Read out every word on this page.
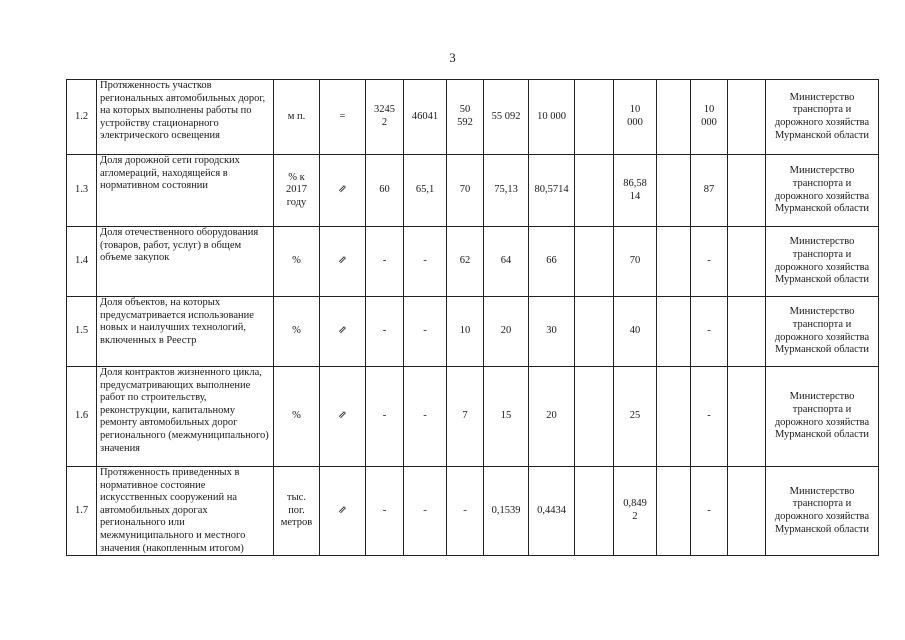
3
1.2	Протяженность участков региональных автомобильных дорог, на которых выполнены работы по устройству стационарного электрического освещения	м п.	=	3245
2	46041	50
592	55 092	10 000		10
000		10
000		Министерство транспорта и дорожного хозяйства Мурманской области
1.3	Доля дорожной сети городских агломераций, находящейся в нормативном состоянии	% к
2017
году	⇗	60	65,1	70	75,13	80,5714		86,58
14		87		Министерство транспорта и дорожного хозяйства Мурманской области
1.4	Доля отечественного оборудования (товаров, работ, услуг) в общем объеме закупок	%	⇗	-	-	62	64	66		70		-		Министерство транспорта и дорожного хозяйства Мурманской области
1.5	Доля объектов, на которых предусматривается использование новых и наилучших технологий, включенных в Реестр	%	⇗	-	-	10	20	30		40		-		Министерство транспорта и дорожного хозяйства Мурманской области
1.6	Доля контрактов жизненного цикла, предусматривающих выполнение работ по строительству, реконструкции, капитальному ремонту автомобильных дорог регионального (межмуниципального) значения	%	⇗	-	-	7	15	20		25		-		Министерство транспорта и дорожного хозяйства Мурманской области
1.7	Протяженность приведенных в нормативное состояние искусственных сооружений на автомобильных дорогах регионального или межмуниципального и местного значения (накопленным итогом)	тыс.
пог.
метров	⇗	-	-	-	0,1539	0,4434		0,849
2		-		Министерство транспорта и дорожного хозяйства Мурманской области
